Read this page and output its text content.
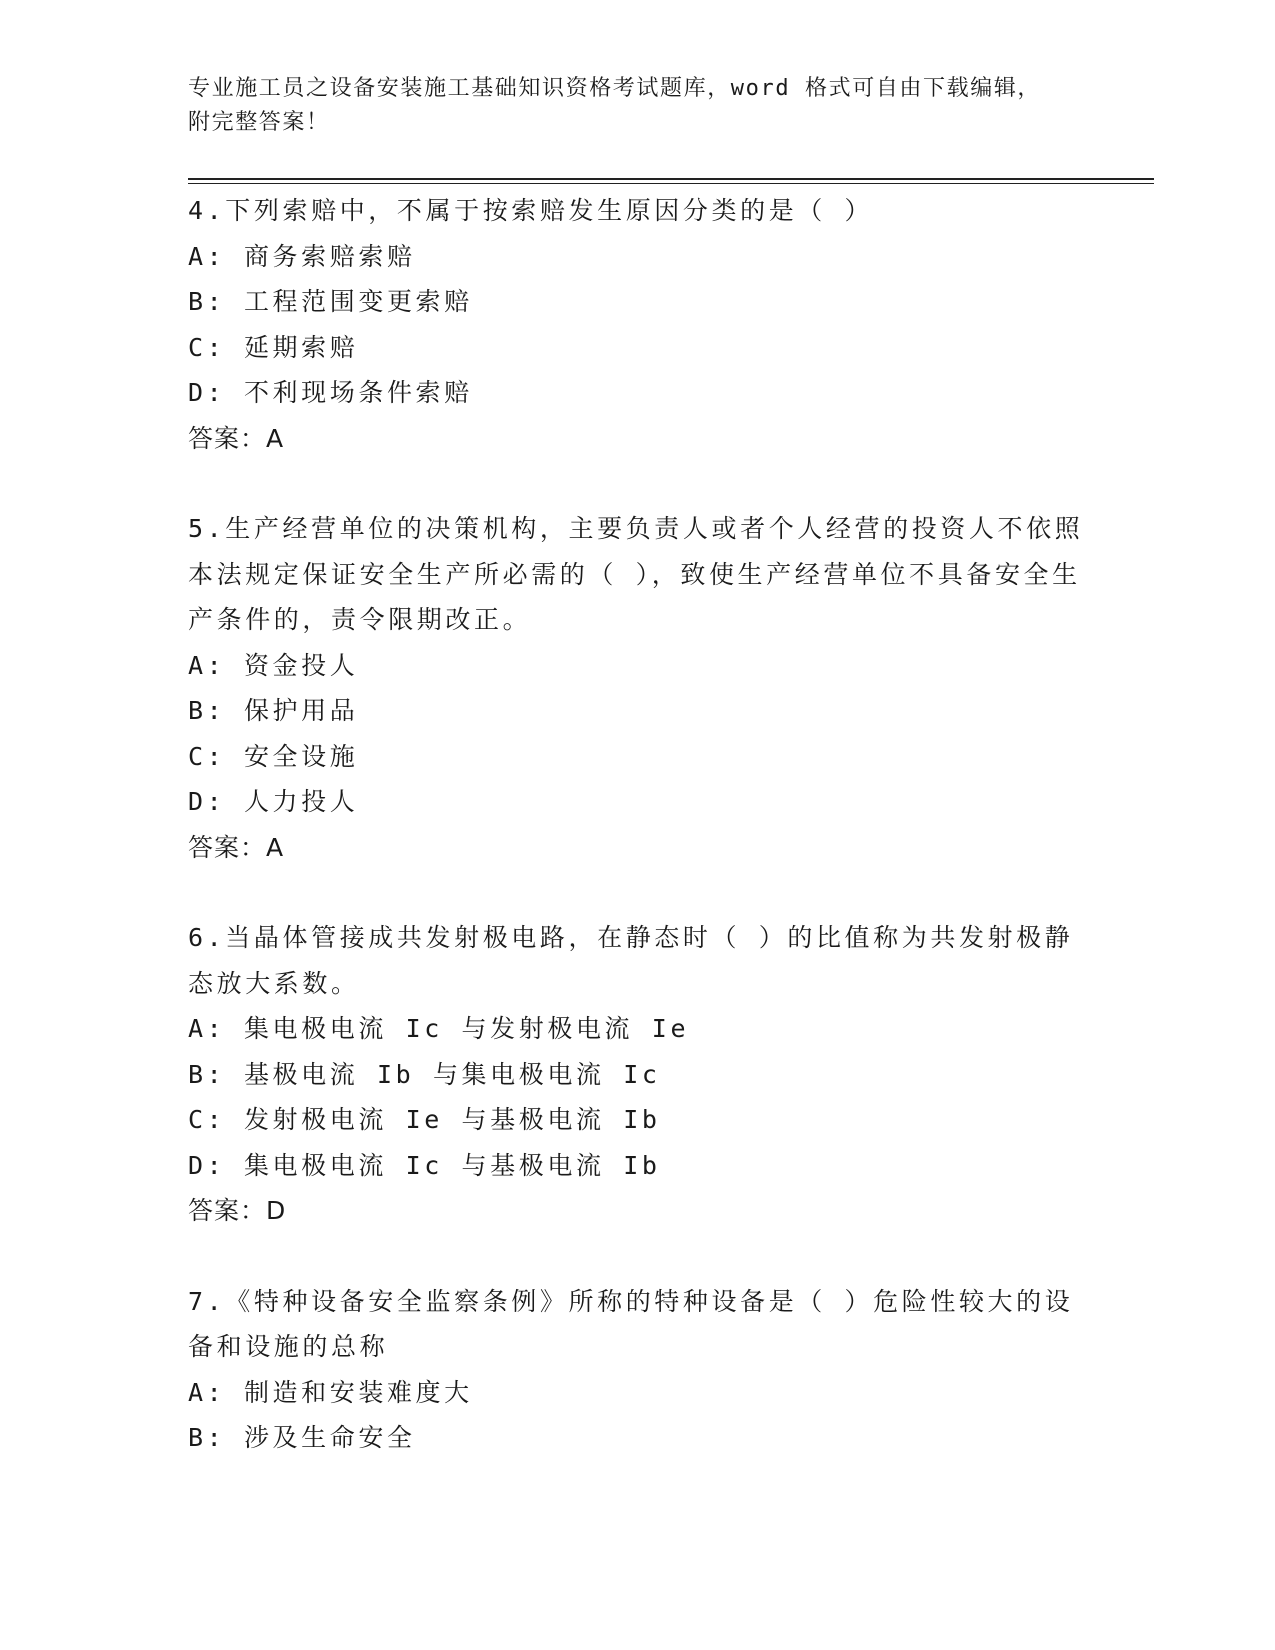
专业施工员之设备安装施工基础知识资格考试题库，word 格式可自由下载编辑，
附完整答案！

4.下列索赔中，不属于按索赔发生原因分类的是（ ）

A: 商务索赔索赔

B: 工程范围变更索赔

C: 延期索赔

D: 不利现场条件索赔

答案：A

5.生产经营单位的决策机构，主要负责人或者个人经营的投资人不依照本法规定保证安全生产所必需的（ ），致使生产经营单位不具备安全生产条件的，责令限期改正。

A: 资金投人

B: 保护用品

C: 安全设施

D: 人力投人

答案：A

6.当晶体管接成共发射极电路，在静态时（ ）的比值称为共发射极静态放大系数。

A: 集电极电流 Ic 与发射极电流 Ie

B: 基极电流 Ib 与集电极电流 Ic

C: 发射极电流 Ie 与基极电流 Ib

D: 集电极电流 Ic 与基极电流 Ib

答案：D

7.《特种设备安全监察条例》所称的特种设备是（ ）危险性较大的设备和设施的总称

A: 制造和安装难度大

B: 涉及生命安全
